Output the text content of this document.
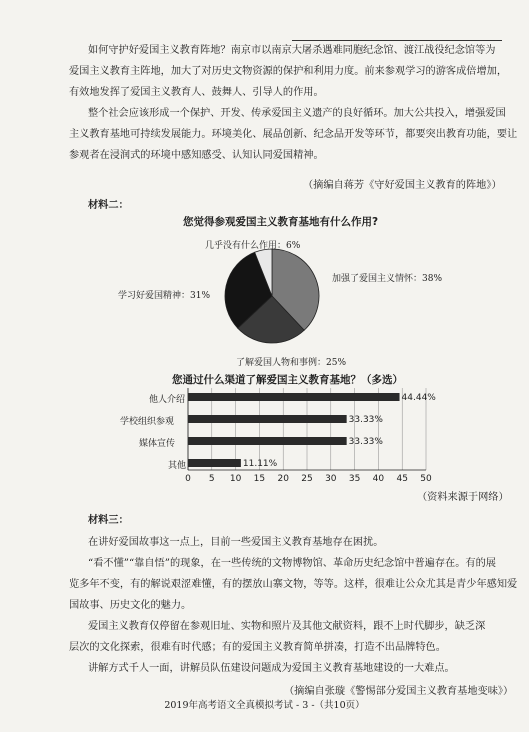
如何守护好爱国主义教育阵地？南京市以南京大屠杀遇难同胞纪念馆、渡江战役纪念馆等为
爱国主义教育主阵地，加大了对历史文物资源的保护和利用力度。前来参观学习的游客成倍增加，
有效地发挥了爱国主义教育人、鼓舞人、引导人的作用。
整个社会应该形成一个保护、开发、传承爱国主义遗产的良好循环。加大公共投入，增强爱国
主义教育基地可持续发展能力。环境美化、展品创新、纪念品开发等环节，都要突出教育功能，要让
参观者在浸润式的环境中感知感受、认知认同爱国精神。
（摘编自蒋芳《守好爱国主义教育的阵地》）
材料二：
您觉得参观爱国主义教育基地有什么作用?
几乎没有什么作用：6%
加强了爱国主义情怀：38%
学习好爱国精神：31%
了解爱国人物和事例：25%
您通过什么渠道了解爱国主义教育基地？（多选）
0 5 10 15 20 25 30 35 40 45 50
44.44%
33.33%
33.33%
11.11%
他人介绍
学校组织参观
媒体宣传
其他
（资料来源于网络）
材料三：
在讲好爱国故事这一点上，目前一些爱国主义教育基地存在困扰。
“看不懂”“靠自悟”的现象，在一些传统的文物博物馆、革命历史纪念馆中普遍存在。有的展
览多年不变，有的解说艰涩难懂，有的摆放山寨文物，等等。这样，很难让公众尤其是青少年感知爱
国故事、历史文化的魅力。
爱国主义教育仅停留在参观旧址、实物和照片及其他文献资料，跟不上时代脚步，缺乏深
层次的文化探索，很难有时代感；有的爱国主义教育简单拼凑，打造不出品牌特色。
讲解方式千人一面，讲解员队伍建设问题成为爱国主义教育基地建设的一大难点。
（摘编自张璇《警惕部分爱国主义教育基地变味》）
2019年高考语文全真模拟考试 - 3 -（共10页）
